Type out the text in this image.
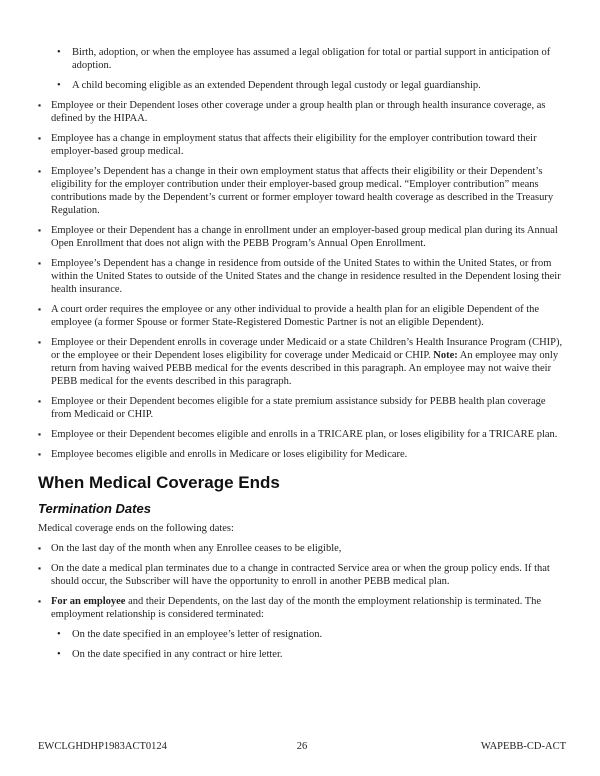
•	Birth, adoption, or when the employee has assumed a legal obligation for total or partial support in anticipation of adoption.
•	A child becoming eligible as an extended Dependent through legal custody or legal guardianship.
▪ Employee or their Dependent loses other coverage under a group health plan or through health insurance coverage, as defined by the HIPAA.
▪ Employee has a change in employment status that affects their eligibility for the employer contribution toward their employer-based group medical.
▪ Employee’s Dependent has a change in their own employment status that affects their eligibility or their Dependent’s eligibility for the employer contribution under their employer-based group medical. “Employer contribution” means contributions made by the Dependent’s current or former employer toward health coverage as described in the Treasury Regulation.
▪ Employee or their Dependent has a change in enrollment under an employer-based group medical plan during its Annual Open Enrollment that does not align with the PEBB Program’s Annual Open Enrollment.
▪ Employee’s Dependent has a change in residence from outside of the United States to within the United States, or from within the United States to outside of the United States and the change in residence resulted in the Dependent losing their health insurance.
▪ A court order requires the employee or any other individual to provide a health plan for an eligible Dependent of the employee (a former Spouse or former State-Registered Domestic Partner is not an eligible Dependent).
▪ Employee or their Dependent enrolls in coverage under Medicaid or a state Children’s Health Insurance Program (CHIP), or the employee or their Dependent loses eligibility for coverage under Medicaid or CHIP. Note: An employee may only return from having waived PEBB medical for the events described in this paragraph. An employee may not waive their PEBB medical for the events described in this paragraph.
▪ Employee or their Dependent becomes eligible for a state premium assistance subsidy for PEBB health plan coverage from Medicaid or CHIP.
▪ Employee or their Dependent becomes eligible and enrolls in a TRICARE plan, or loses eligibility for a TRICARE plan.
▪ Employee becomes eligible and enrolls in Medicare or loses eligibility for Medicare.
When Medical Coverage Ends
Termination Dates

Medical coverage ends on the following dates:

▪ On the last day of the month when any Enrollee ceases to be eligible,
▪ On the date a medical plan terminates due to a change in contracted Service area or when the group policy ends. If that should occur, the Subscriber will have the opportunity to enroll in another PEBB medical plan.
▪ For an employee and their Dependents, on the last day of the month the employment relationship is terminated. The employment relationship is considered terminated:
•	On the date specified in an employee’s letter of resignation.
•	On the date specified in any contract or hire letter.
EWCLGHDHP1983ACT0124	26	WAPEBB-CD-ACT
